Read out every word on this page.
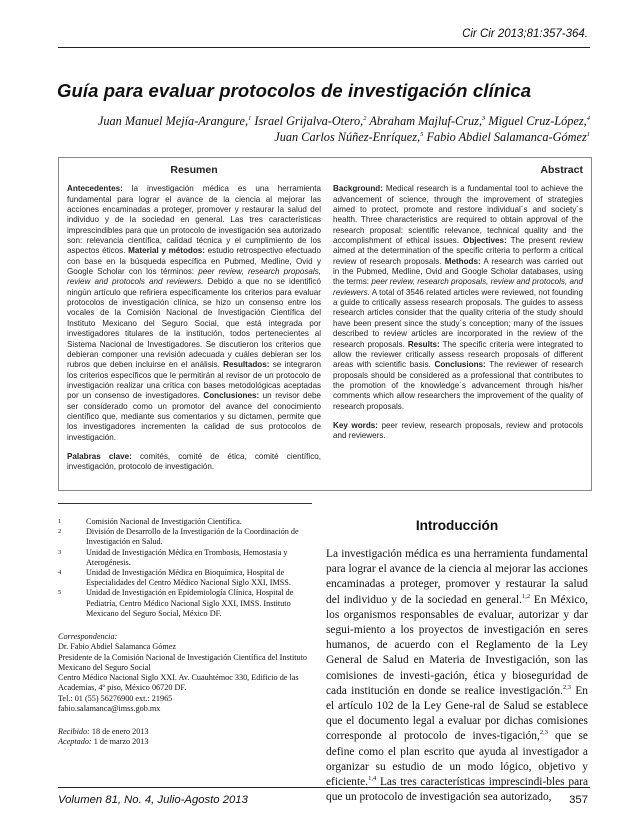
Cir Cir 2013;81:357-364.
Guía para evaluar protocolos de investigación clínica
Juan Manuel Mejía-Arangure,$^1$ Israel Grijalva-Otero,$^2$ Abraham Majluf-Cruz,$^3$ Miguel Cruz-López,$^4$
Juan Carlos Núñez-Enríquez,$^5$ Fabio Abdiel Salamanca-Gómez$^1$
Resumen

Antecedentes: la investigación médica es una herramienta fundamental para lograr el avance de la ciencia al mejorar las acciones encaminadas a proteger, promover y restaurar la salud del individuo y de la sociedad en general. Las tres características imprescindibles para que un protocolo de investigación sea autorizado son: relevancia científica, calidad técnica y el cumplimiento de los aspectos éticos. Material y métodos: estudio retrospectivo efectuado con base en la búsqueda específica en Pubmed, Medline, Ovid y Google Scholar con los términos: peer review, research proposals, review and protocols and reviewers. Debido a que no se identificó ningún artículo que refiriera específicamente los criterios para evaluar protocolos de investigación clínica, se hizo un consenso entre los vocales de la Comisión Nacional de Investigación Científica del Instituto Mexicano del Seguro Social, que está integrada por investigadores titulares de la institución, todos pertenecientes al Sistema Nacional de Investigadores. Se discutieron los criterios que debieran componer una revisión adecuada y cuáles debieran ser los rubros que deben incluirse en el análisis. Resultados: se integraron los criterios específicos que le permitirán al revisor de un protocolo de investigación realizar una crítica con bases metodológicas aceptadas por un consenso de investigadores. Conclusiones: un revisor debe ser considerado como un promotor del avance del conocimiento científico que, mediante sus comentarios y su dictamen, permite que los investigadores incrementen la calidad de sus protocolos de investigación.

Palabras clave: comités, comité de ética, comité científico, investigación, protocolo de investigación.

Abstract

Background: Medical research is a fundamental tool to achieve the advancement of science, through the improvement of strategies aimed to protect, promote and restore individual´s and society´s health. Three characteristics are required to obtain approval of the research proposal: scientific relevance, technical quality and the accomplishment of ethical issues. Objectives: The present review aimed at the determination of the specific criteria to perform a critical review of research proposals. Methods: A research was carried out in the Pubmed, Medline, Ovid and Google Scholar databases, using the terms: peer review, research proposals, review and protocols, and reviewers. A total of 3546 related articles were reviewed, not founding a guide to critically assess research proposals. The guides to assess research articles consider that the quality criteria of the study should have been present since the study´s conception; many of the issues described to review articles are incorporated in the review of the research proposals. Results: The specific criteria were integrated to allow the reviewer critically assess research proposals of different areas with scientific basis. Conclusions: The reviewer of research proposals should be considered as a professional that contributes to the promotion of the knowledge´s advancement through his/her comments which allow researchers the improvement of the quality of research proposals.

Key words: peer review, research proposals, review and protocols and reviewers.

1	Comisión Nacional de Investigación Científica.
2	División de Desarrollo de la Investigación de la Coordinación de Investigación en Salud.
3	Unidad de Investigación Médica en Trombosis, Hemostasia y Aterogénesis.
4	Unidad de Investigación Médica en Bioquímica, Hospital de Especialidades del Centro Médico Nacional Siglo XXI, IMSS.
5	Unidad de Investigación en Epidemiología Clínica, Hospital de Pediatría, Centro Médico Nacional Siglo XXI, IMSS. Instituto Mexicano del Seguro Social, México DF.
Correspondencia:
Dr. Fabio Abdiel Salamanca Gómez
Presidente de la Comisión Nacional de Investigación Científica del Instituto Mexicano del Seguro Social
Centro Médico Nacional Siglo XXI. Av. Cuauhtémoc 330, Edificio de las Academias, 4º piso, México 06720 DF.
Tel.: 01 (55) 56276900 ext.: 21965
fabio.salamanca@imss.gob.mx
Recibido: 18 de enero 2013
Aceptado: 1 de marzo 2013
Introducción

La investigación médica es una herramienta fundamental para lograr el avance de la ciencia al mejorar las acciones encaminadas a proteger, promover y restaurar la salud del individuo y de la sociedad en general.$^{1,2}$ En México, los organismos responsables de evaluar, autorizar y dar segui-miento a los proyectos de investigación en seres humanos, de acuerdo con el Reglamento de la Ley General de Salud en Materia de Investigación, son las comisiones de investi-gación, ética y bioseguridad de cada institución en donde se realice investigación.$^{2,3}$ En el artículo 102 de la Ley Gene-ral de Salud se establece que el documento legal a evaluar por dichas comisiones corresponde al protocolo de inves-tigación,$^{2,3}$ que se define como el plan escrito que ayuda al investigador a organizar su estudio de un modo lógico, objetivo y eficiente.$^{1,4}$ Las tres características imprescindi-bles para que un protocolo de investigación sea autorizado,

Volumen 81, No. 4, Julio-Agosto 2013	357
